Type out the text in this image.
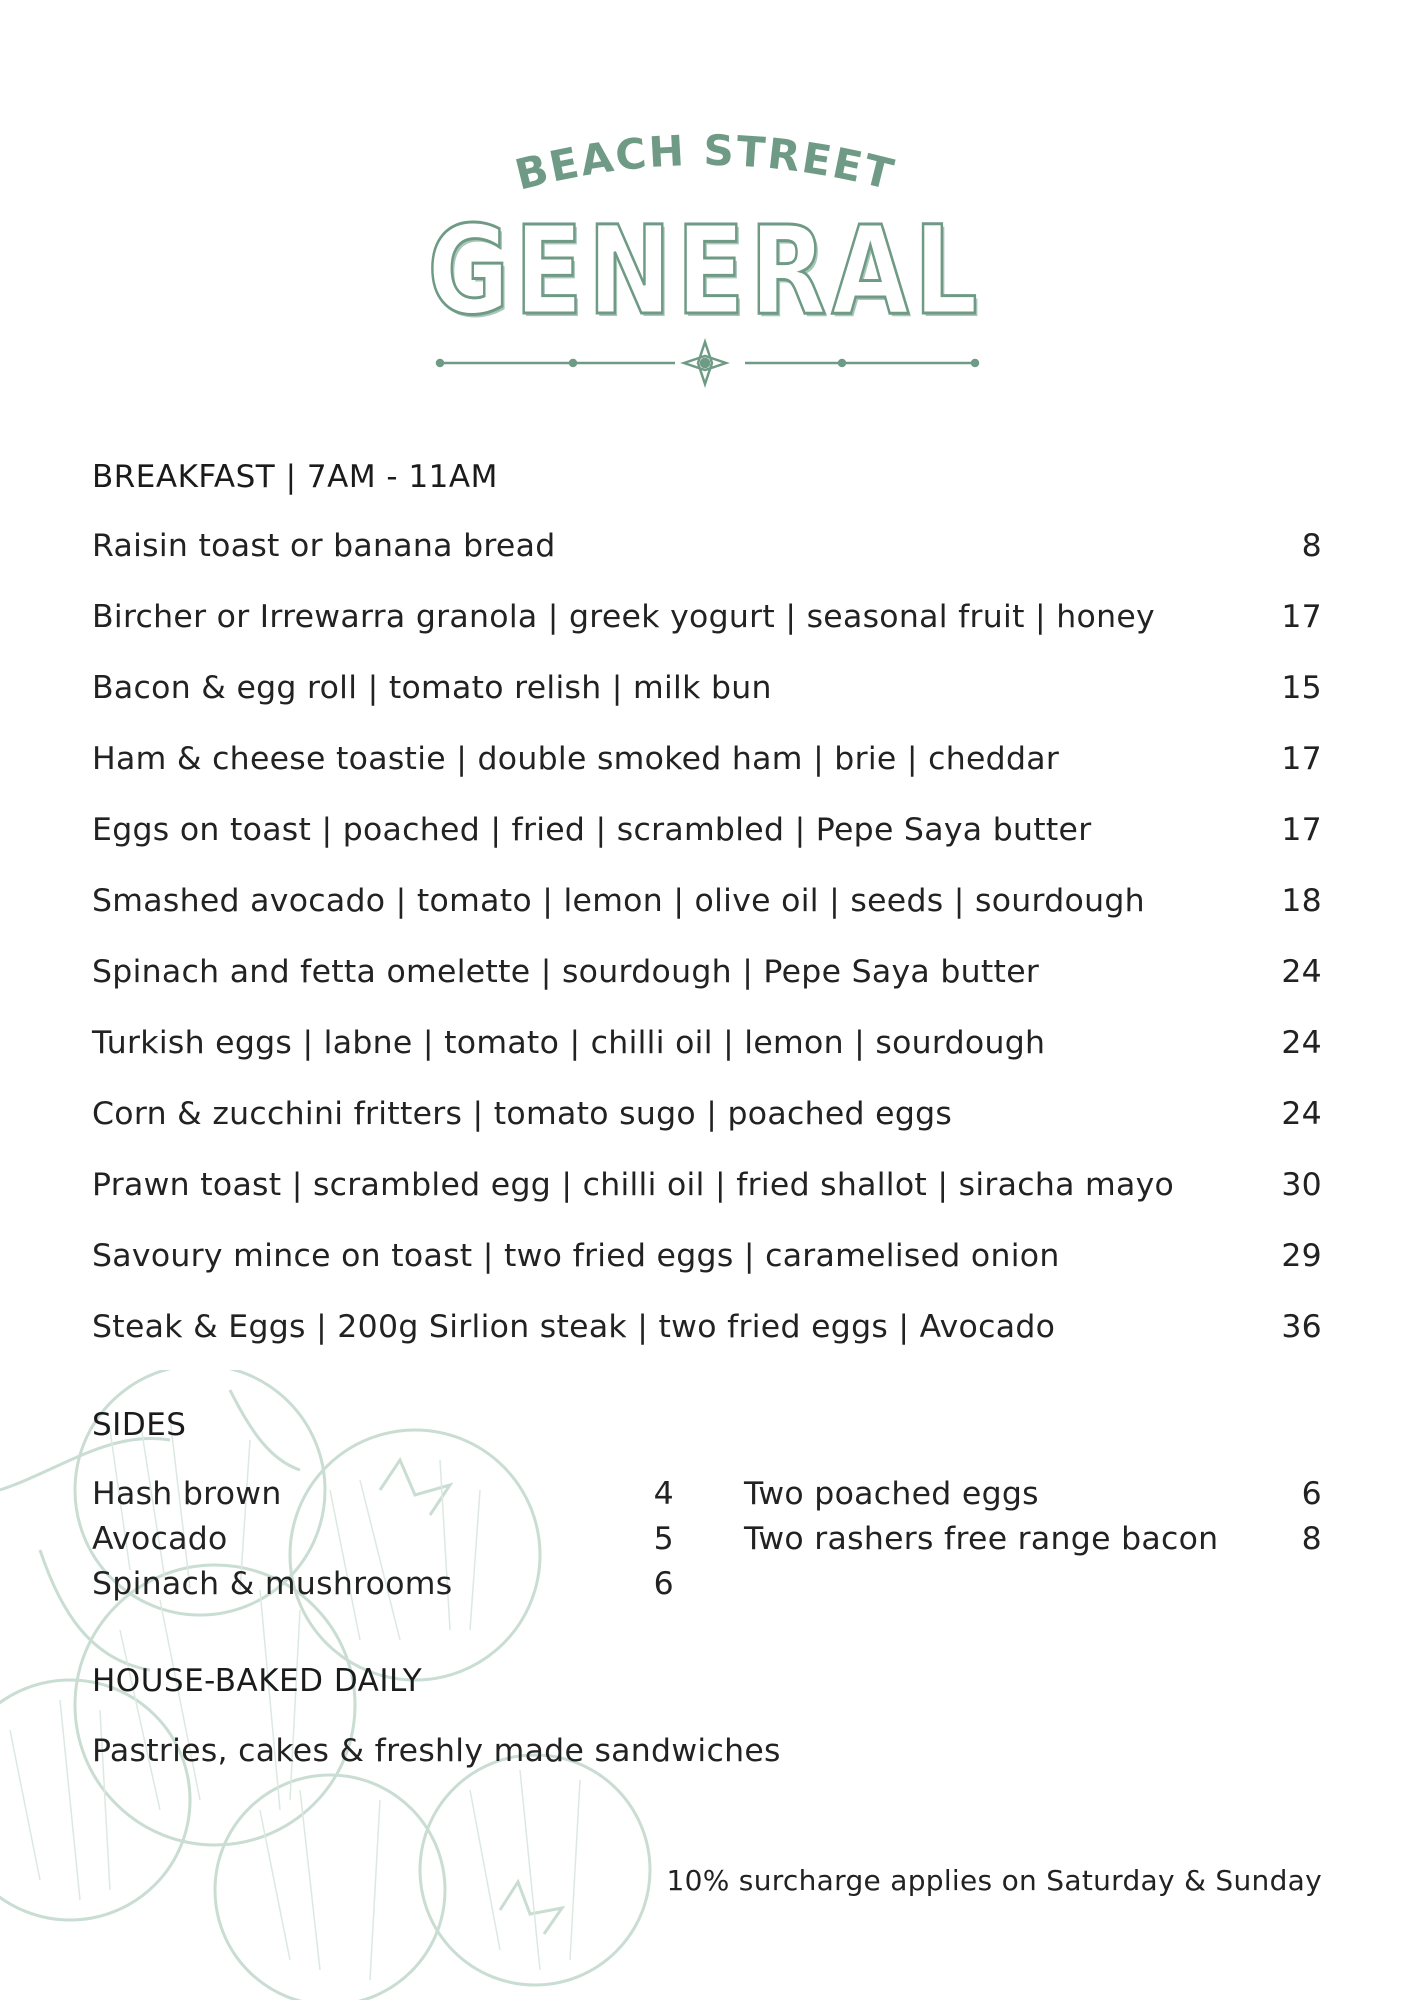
BEACH STREET
GENERAL
BREAKFAST | 7AM - 11AM
Raisin toast or banana bread	8
Bircher or Irrewarra granola | greek yogurt | seasonal fruit | honey	17
Bacon & egg roll | tomato relish | milk bun	15
Ham & cheese toastie | double smoked ham | brie | cheddar	17
Eggs on toast | poached | fried | scrambled | Pepe Saya butter	17
Smashed avocado | tomato | lemon | olive oil | seeds | sourdough	18
Spinach and fetta omelette | sourdough | Pepe Saya butter	24
Turkish eggs | labne | tomato | chilli oil | lemon | sourdough	24
Corn & zucchini fritters | tomato sugo | poached eggs	24
Prawn toast | scrambled egg | chilli oil | fried shallot | siracha mayo	30
Savoury mince on toast | two fried eggs | caramelised onion	29
Steak & Eggs | 200g Sirlion steak | two fried eggs | Avocado	36
SIDES
Hash brown	4
Avocado	5
Spinach & mushrooms	6
Two poached eggs	6
Two rashers free range bacon	8
HOUSE-BAKED DAILY
Pastries, cakes & freshly made sandwiches
10% surcharge applies on Saturday & Sunday
